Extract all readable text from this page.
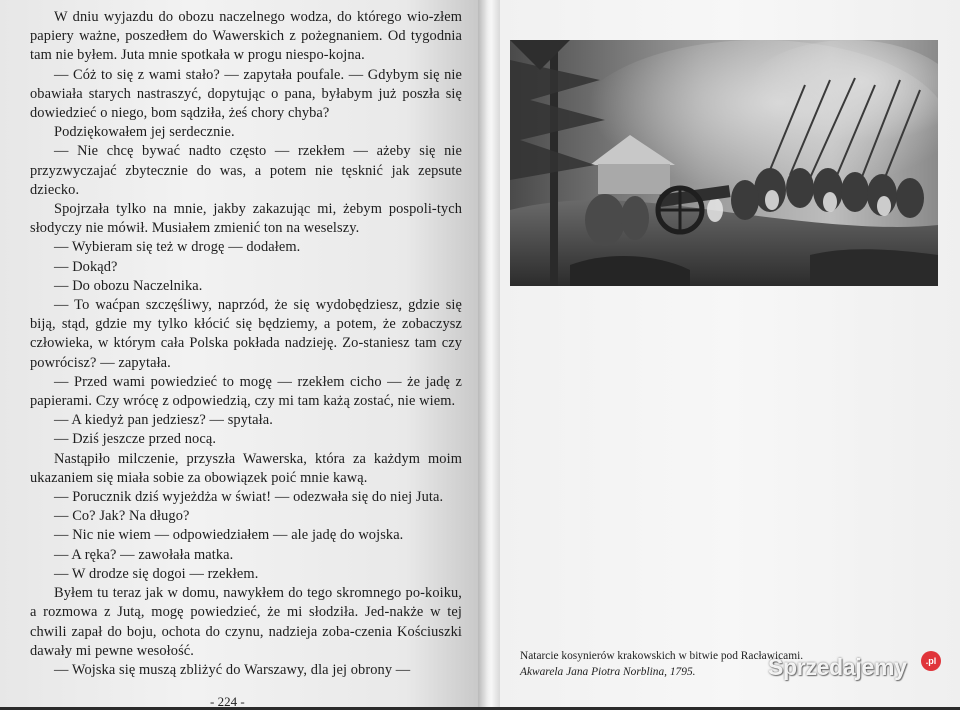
W dniu wyjazdu do obozu naczelnego wodza, do którego wio-złem papiery ważne, poszedłem do Wawerskich z pożegnaniem. Od tygodnia tam nie byłem. Juta mnie spotkała w progu niespo-kojna.

— Cóż to się z wami stało? — zapytała poufale. — Gdybym się nie obawiała starych nastraszyć, dopytując o pana, byłabym już poszła się dowiedzieć o niego, bom sądziła, żeś chory chyba?

Podziękowałem jej serdecznie.

— Nie chcę bywać nadto często — rzekłem — ażeby się nie przyzwyczajać zbytecznie do was, a potem nie tęsknić jak zepsute dziecko.

Spojrzała tylko na mnie, jakby zakazując mi, żebym pospoli-tych słodyczy nie mówił. Musiałem zmienić ton na weselszy.

— Wybieram się też w drogę — dodałem.

— Dokąd?

— Do obozu Naczelnika.

— To waćpan szczęśliwy, naprzód, że się wydobędziesz, gdzie się biją, stąd, gdzie my tylko kłócić się będziemy, a potem, że zobaczysz człowieka, w którym cała Polska pokłada nadzieję. Zo-staniesz tam czy powrócisz? — zapytała.

— Przed wami powiedzieć to mogę — rzekłem cicho — że jadę z papierami. Czy wrócę z odpowiedzią, czy mi tam każą zostać, nie wiem.

— A kiedyż pan jedziesz? — spytała.

— Dziś jeszcze przed nocą.

Nastąpiło milczenie, przyszła Wawerska, która za każdym moim ukazaniem się miała sobie za obowiązek poić mnie kawą.

— Porucznik dziś wyjeżdża w świat! — odezwała się do niej Juta.

— Co? Jak? Na długo?

— Nic nie wiem — odpowiedziałem — ale jadę do wojska.

— A ręka? — zawołała matka.

— W drodze się dogoi — rzekłem.

Byłem tu teraz jak w domu, nawykłem do tego skromnego po-koiku, a rozmowa z Jutą, mogę powiedzieć, że mi słodziła. Jed-nakże w tej chwili zapał do boju, ochota do czynu, nadzieja zoba-czenia Kościuszki dawały mi pewne wesołość.

— Wojska się muszą zbliżyć do Warszawy, dla jej obrony —

- 224 -
Natarcie kosynierów krakowskich w bitwie pod Racławicami.
Akwarela Jana Piotra Norblina, 1795.	Sprzedajemy	.pl
